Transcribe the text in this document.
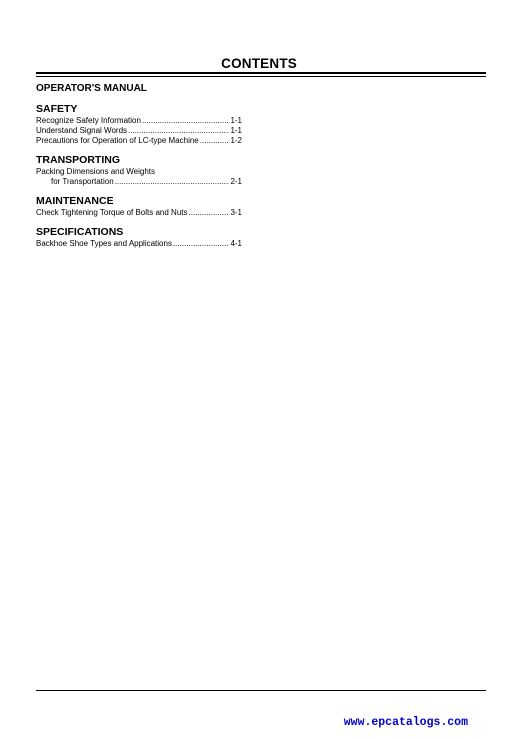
CONTENTS
OPERATOR'S MANUAL
SAFETY
Recognize Safety Information .....	1-1
Understand Signal Words .....	1-1
Precautions for Operation of LC-type Machine .....	1-2
TRANSPORTING
Packing Dimensions and Weights
for Transportation .....	2-1
MAINTENANCE
Check Tightening Torque of Bolts and Nuts .....	3-1
SPECIFICATIONS
Backhoe Shoe Types and Applications .....	4-1
www.epcatalogs.com
